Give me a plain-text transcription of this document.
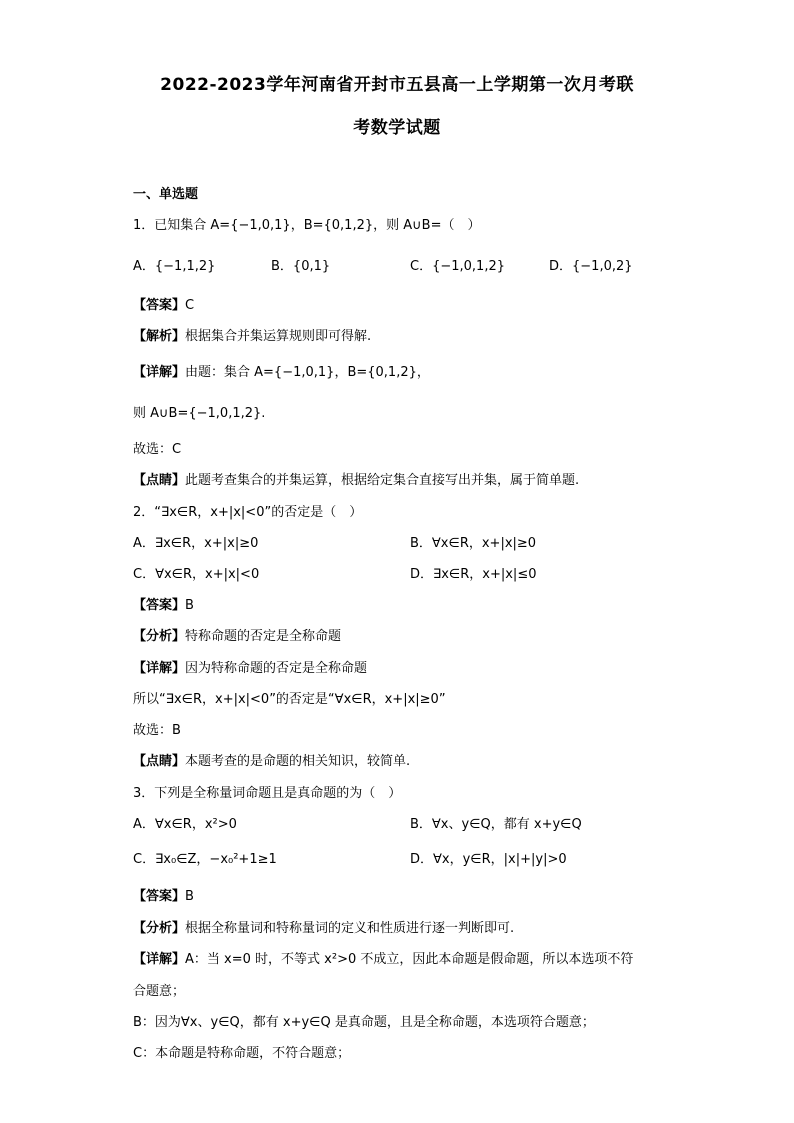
2022-2023学年河南省开封市五县高一上学期第一次月考联
考数学试题
一、单选题
1．已知集合 A={−1,0,1}，B={0,1,2}，则 A∪B=（　）
A．{−1,1,2}	B．{0,1}	C．{−1,0,1,2}	D．{−1,0,2}
【答案】C
【解析】根据集合并集运算规则即可得解.
【详解】由题：集合 A={−1,0,1}，B={0,1,2}，
则 A∪B={−1,0,1,2}.
故选：C
【点睛】此题考查集合的并集运算，根据给定集合直接写出并集，属于简单题.
2．“∃x∈R，x+|x|<0”的否定是（　）
A．∃x∈R，x+|x|≥0	B．∀x∈R，x+|x|≥0
C．∀x∈R，x+|x|<0	D．∃x∈R，x+|x|≤0
【答案】B
【分析】特称命题的否定是全称命题
【详解】因为特称命题的否定是全称命题
所以“∃x∈R，x+|x|<0”的否定是“∀x∈R，x+|x|≥0”
故选：B
【点睛】本题考查的是命题的相关知识，较简单.
3．下列是全称量词命题且是真命题的为（　）
A．∀x∈R，x²>0	B．∀x、y∈Q，都有 x+y∈Q
C．∃x₀∈Z，−x₀²+1≥1	D．∀x，y∈R，|x|+|y|>0
【答案】B
【分析】根据全称量词和特称量词的定义和性质进行逐一判断即可.
【详解】A：当 x=0 时，不等式 x²>0 不成立，因此本命题是假命题，所以本选项不符
合题意；
B：因为∀x、y∈Q，都有 x+y∈Q 是真命题，且是全称命题，本选项符合题意；
C：本命题是特称命题，不符合题意；
